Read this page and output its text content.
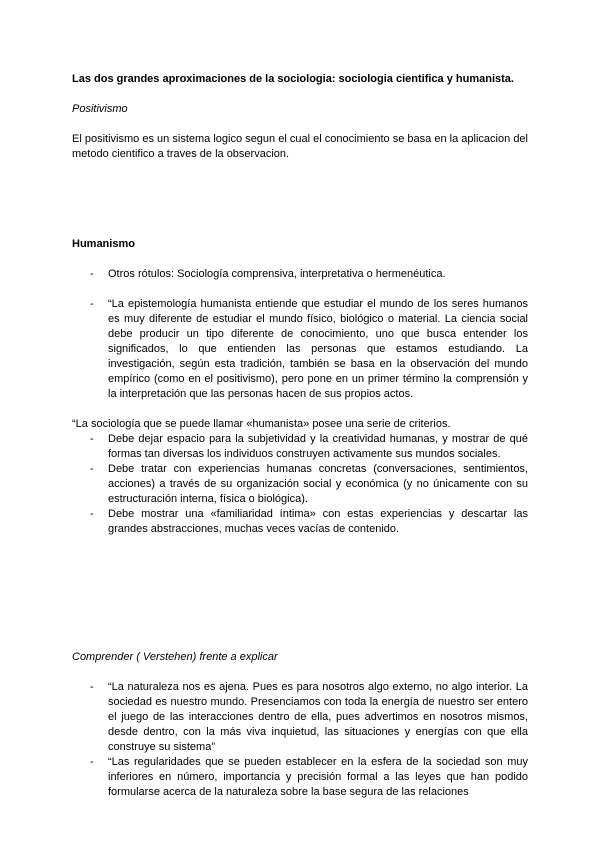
Las dos grandes aproximaciones de la sociologia: sociologia cientifica y humanista.

Positivismo

El positivismo es un sistema logico segun el cual el conocimiento se basa en la aplicacion del metodo cientifico a traves de la observacion.

Humanismo

- Otros rótulos: Sociología comprensiva, interpretativa o hermenéutica.
- “La epistemología humanista entiende que estudiar el mundo de los seres humanos es muy diferente de estudiar el mundo físico, biológico o material. La ciencia social debe producir un tipo diferente de conocimiento, uno que busca entender los significados, lo que entienden las personas que estamos estudiando. La investigación, según esta tradición, también se basa en la observación del mundo empírico (como en el positivismo), pero pone en un primer término la comprensión y la interpretación que las personas hacen de sus propios actos.

“La sociología que se puede llamar «humanista» posee una serie de criterios.

- Debe dejar espacio para la subjetividad y la creatividad humanas, y mostrar de qué formas tan diversas los individuos construyen activamente sus mundos sociales.
- Debe tratar con experiencias humanas concretas (conversaciones, sentimientos, acciones) a través de su organización social y económica (y no únicamente con su estructuración interna, física o biológica).
- Debe mostrar una «familiaridad íntima» con estas experiencias y descartar las grandes abstracciones, muchas veces vacías de contenido.

Comprender ( Verstehen) frente a explicar

- “La naturaleza nos es ajena. Pues es para nosotros algo externo, no algo interior. La sociedad es nuestro mundo. Presenciamos con toda la energía de nuestro ser entero el juego de las interacciones dentro de ella, pues advertimos en nosotros mismos, desde dentro, con la más viva inquietud, las situaciones y energías con que ella construye su sistema”
- “Las regularidades que se pueden establecer en la esfera de la sociedad son muy inferiores en número, importancia y precisión formal a las leyes que han podido formularse acerca de la naturaleza sobre la base segura de las relaciones
